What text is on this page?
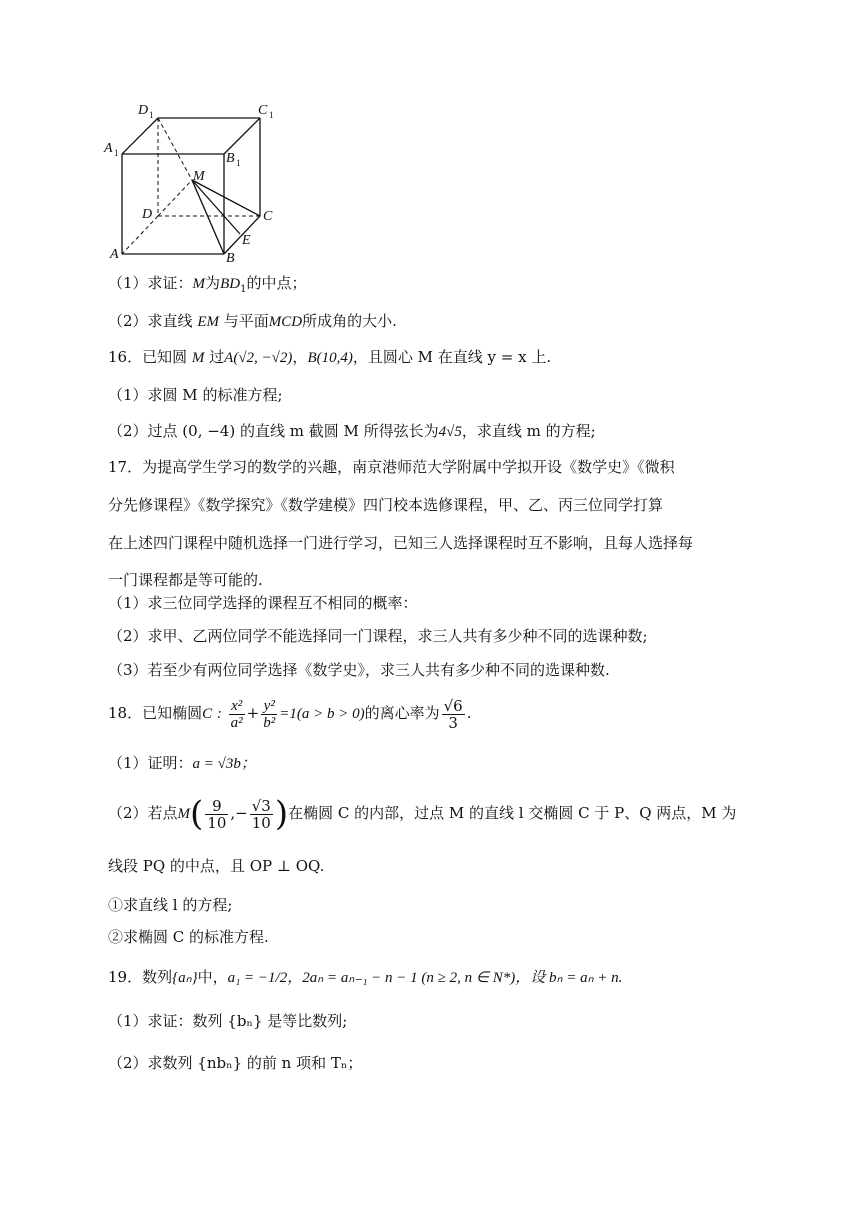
D 1	C 1
A 1	B 1
M
D	C
E
A	B
（1）求证：M为$BD_1$的中点；
（2）求直线 EM 与平面MCD所成角的大小.
16．已知圆 M 过A(√2, −√2)，B(10,4)，且圆心 M 在直线 y = x 上.
（1）求圆 M 的标准方程;
（2）过点 (0, −4) 的直线 m 截圆 M 所得弦长为4√5，求直线 m 的方程;
17．为提高学生学习的数学的兴趣，南京港师范大学附属中学拟开设《数学史》《微积
分先修课程》《数学探究》《数学建模》四门校本选修课程，甲、乙、丙三位同学打算
在上述四门课程中随机选择一门进行学习，已知三人选择课程时互不影响，且每人选择每
一门课程都是等可能的.
（1）求三位同学选择的课程互不相同的概率：
（2）求甲、乙两位同学不能选择同一门课程，求三人共有多少种不同的选课种数;
（3）若至少有两位同学选择《数学史》，求三人共有多少种不同的选课种数.
18．已知椭圆C : $\frac{\text{x²}}{\text{a²}} + \frac{\text{y²}}{\text{b²}} =1(a > b > 0)$的离心率为 $\frac{√6}{3}$ .
（1）证明：a = √3b；
（2）若点$M( \frac{9}{10}$ ,− $\frac{√3}{10}$ )在椭圆 C 的内部，过点 M 的直线 l 交椭圆 C 于 P、Q 两点，M 为
线段 PQ 的中点，且 OP ⊥ OQ.
①求直线 l 的方程;
②求椭圆 C 的标准方程.
19．数列{aₙ}中，a₁ = −1/2，2aₙ = aₙ₋₁ − n − 1 (n ≥ 2, n ∈ N*)，设 bₙ = aₙ + n.
（1）求证：数列 {bₙ} 是等比数列;
（2）求数列 {nbₙ} 的前 n 项和 Tₙ；
